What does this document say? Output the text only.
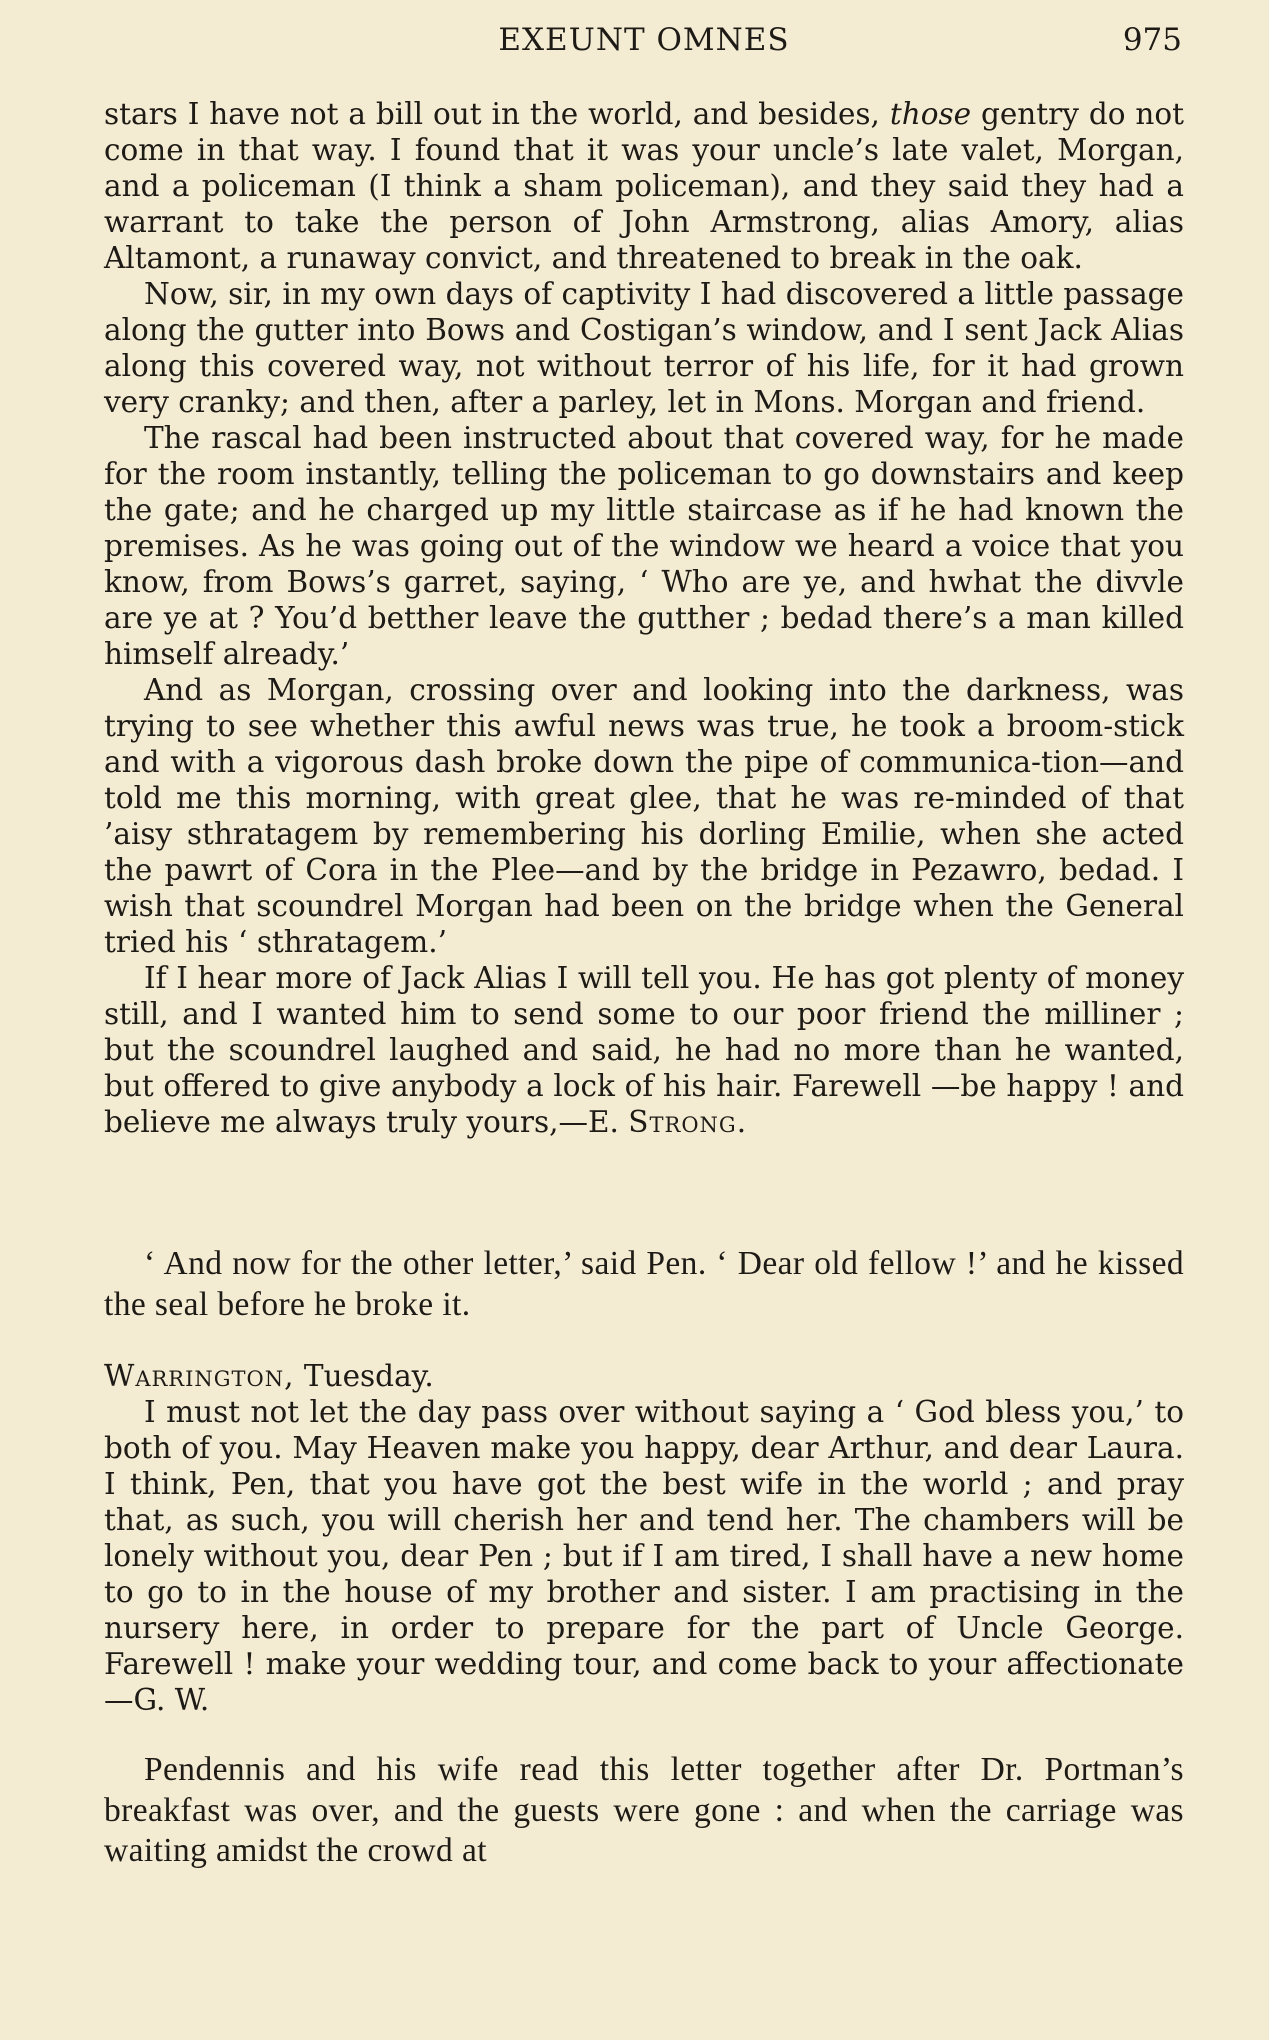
EXEUNT OMNES	975

stars I have not a bill out in the world, and besides, those gentry do not come in that way. I found that it was your uncle’s late valet, Morgan, and a policeman (I think a sham policeman), and they said they had a warrant to take the person of John Armstrong, alias Amory, alias Altamont, a runaway convict, and threatened to break in the oak.

Now, sir, in my own days of captivity I had discovered a little passage along the gutter into Bows and Costigan’s window, and I sent Jack Alias along this covered way, not without terror of his life, for it had grown very cranky; and then, after a parley, let in Mons. Morgan and friend.

The rascal had been instructed about that covered way, for he made for the room instantly, telling the policeman to go downstairs and keep the gate; and he charged up my little staircase as if he had known the premises. As he was going out of the window we heard a voice that you know, from Bows’s garret, saying, ‘ Who are ye, and hwhat the divvle are ye at ? You’d betther leave the gutther ; bedad there’s a man killed himself already.’

And as Morgan, crossing over and looking into the darkness, was trying to see whether this awful news was true, he took a broom-stick and with a vigorous dash broke down the pipe of communica-tion—and told me this morning, with great glee, that he was re-minded of that ’aisy sthratagem by remembering his dorling Emilie, when she acted the pawrt of Cora in the Plee—and by the bridge in Pezawro, bedad. I wish that scoundrel Morgan had been on the bridge when the General tried his ‘ sthratagem.’

If I hear more of Jack Alias I will tell you. He has got plenty of money still, and I wanted him to send some to our poor friend the milliner ; but the scoundrel laughed and said, he had no more than he wanted, but offered to give anybody a lock of his hair. Farewell —be happy ! and believe me always truly yours,—E. Strong.

‘ And now for the other letter,’ said Pen. ‘ Dear old fellow !’ and he kissed the seal before he broke it.

Warrington, Tuesday.

I must not let the day pass over without saying a ‘ God bless you,’ to both of you. May Heaven make you happy, dear Arthur, and dear Laura. I think, Pen, that you have got the best wife in the world ; and pray that, as such, you will cherish her and tend her. The chambers will be lonely without you, dear Pen ; but if I am tired, I shall have a new home to go to in the house of my brother and sister. I am practising in the nursery here, in order to prepare for the part of Uncle George. Farewell ! make your wedding tour, and come back to your affectionate—G. W.

Pendennis and his wife read this letter together after Dr. Portman’s breakfast was over, and the guests were gone : and when the carriage was waiting amidst the crowd at
